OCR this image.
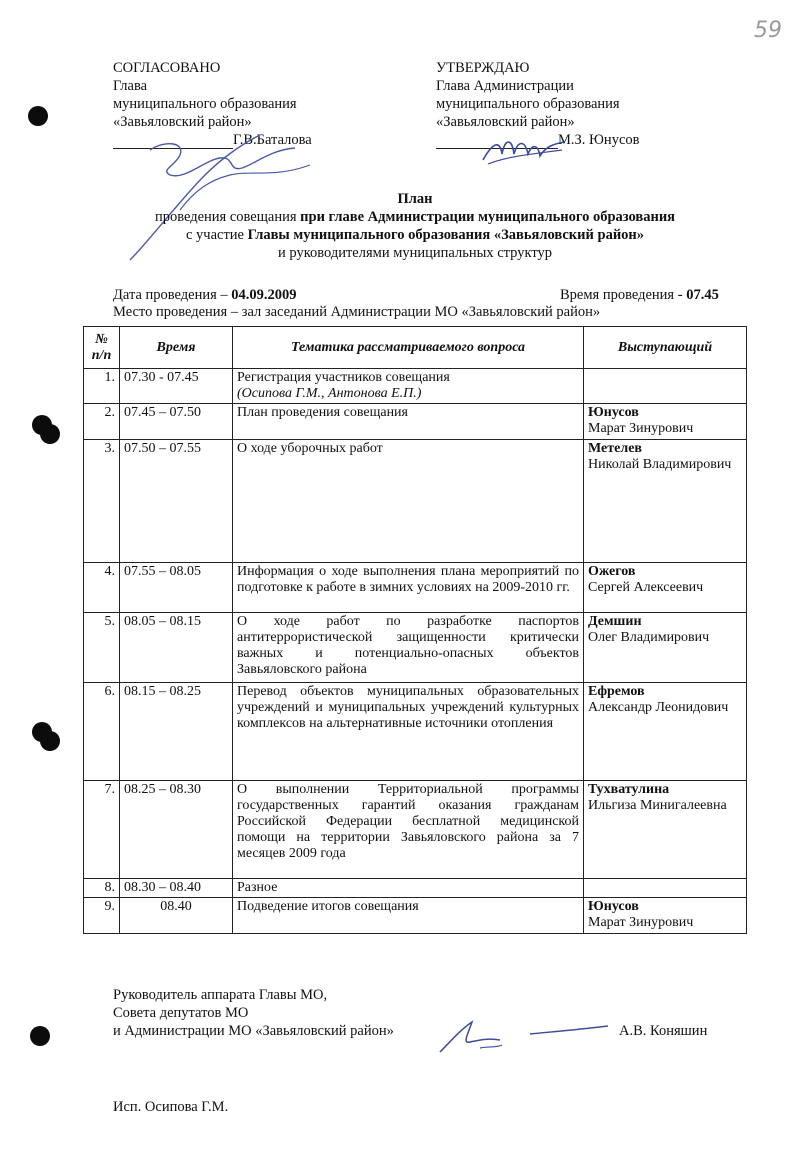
59
СОГЛАСОВАНО
Глава
муниципального образования
«Завьяловский район»
Г.В.Баталова
УТВЕРЖДАЮ
Глава Администрации
муниципального образования
«Завьяловский район»
М.З. Юнусов
План
проведения совещания при главе Администрации муниципального образования
с участие Главы муниципального образования «Завьяловский район»
и руководителями муниципальных структур
Дата проведения – 04.09.2009	Время проведения - 07.45
Место проведения – зал заседаний Администрации МО «Завьяловский район»
№
п/п	Время	Тематика рассматриваемого вопроса	Выступающий
1.	07.30 - 07.45	Регистрация участников совещания
(Осипова Г.М., Антонова Е.П.)	

2.	07.45 – 07.50	План проведения совещания	Юнусов
Марат Зинурович

3.	07.50 – 07.55	О ходе уборочных работ	Метелев
Николай Владимирович

4.	07.55 – 08.05	Информация о ходе выполнения плана мероприятий по подготовке к работе в зимних условиях на 2009-2010 гг.	Ожегов
Сергей Алексеевич

5.	08.05 – 08.15	О ходе работ по разработке паспортов антитеррористической защищенности критически важных и потенциально-опасных объектов Завьяловского района	Демшин
Олег Владимирович

6.	08.15 – 08.25	Перевод объектов муниципальных образовательных учреждений и муниципальных учреждений культурных комплексов на альтернативные источники отопления	Ефремов
Александр Леонидович

7.	08.25 – 08.30	О выполнении Территориальной программы государственных гарантий оказания гражданам Российской Федерации бесплатной медицинской помощи на территории Завьяловского района за 7 месяцев 2009 года	Тухватулина
Ильгиза Минигалеевна

8.	08.30 – 08.40	Разное	

9.	08.40	Подведение итогов совещания	Юнусов
Марат Зинурович
Руководитель аппарата Главы МО,
Совета депутатов МО
и Администрации МО «Завьяловский район»	А.В. Коняшин
Исп. Осипова Г.М.
